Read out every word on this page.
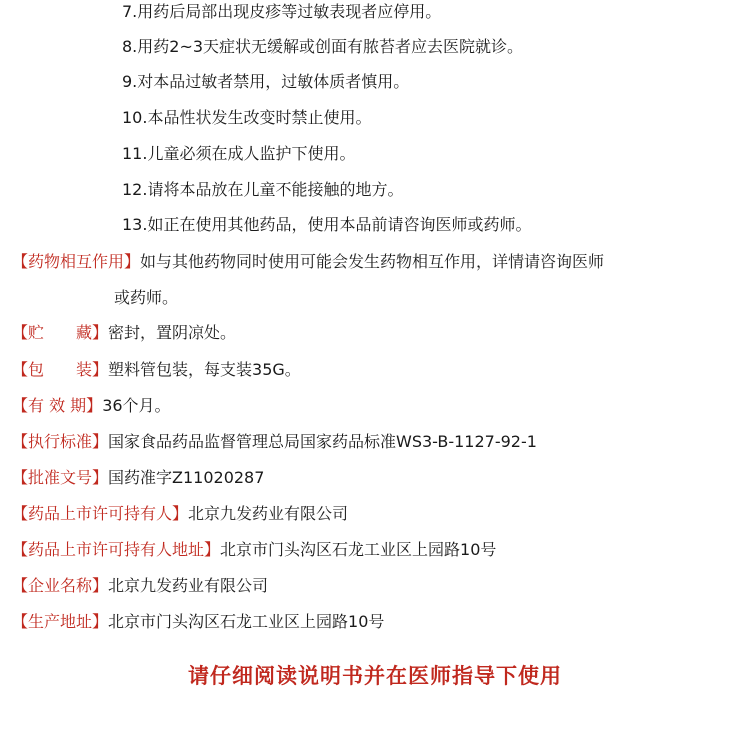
7.用药后局部出现皮疹等过敏表现者应停用。
8.用药2~3天症状无缓解或创面有脓苔者应去医院就诊。
9.对本品过敏者禁用，过敏体质者慎用。
10.本品性状发生改变时禁止使用。
11.儿童必须在成人监护下使用。
12.请将本品放在儿童不能接触的地方。
13.如正在使用其他药品，使用本品前请咨询医师或药师。
【药物相互作用】如与其他药物同时使用可能会发生药物相互作用，详情请咨询医师
或药师。
【贮　　藏】密封，置阴凉处。
【包　　装】塑料管包装，每支装35G。
【有 效 期】36个月。
【执行标准】国家食品药品监督管理总局国家药品标准WS3-B-1127-92-1
【批准文号】国药准字Z11020287
【药品上市许可持有人】北京九发药业有限公司
【药品上市许可持有人地址】北京市门头沟区石龙工业区上园路10号
【企业名称】北京九发药业有限公司
【生产地址】北京市门头沟区石龙工业区上园路10号
请仔细阅读说明书并在医师指导下使用
